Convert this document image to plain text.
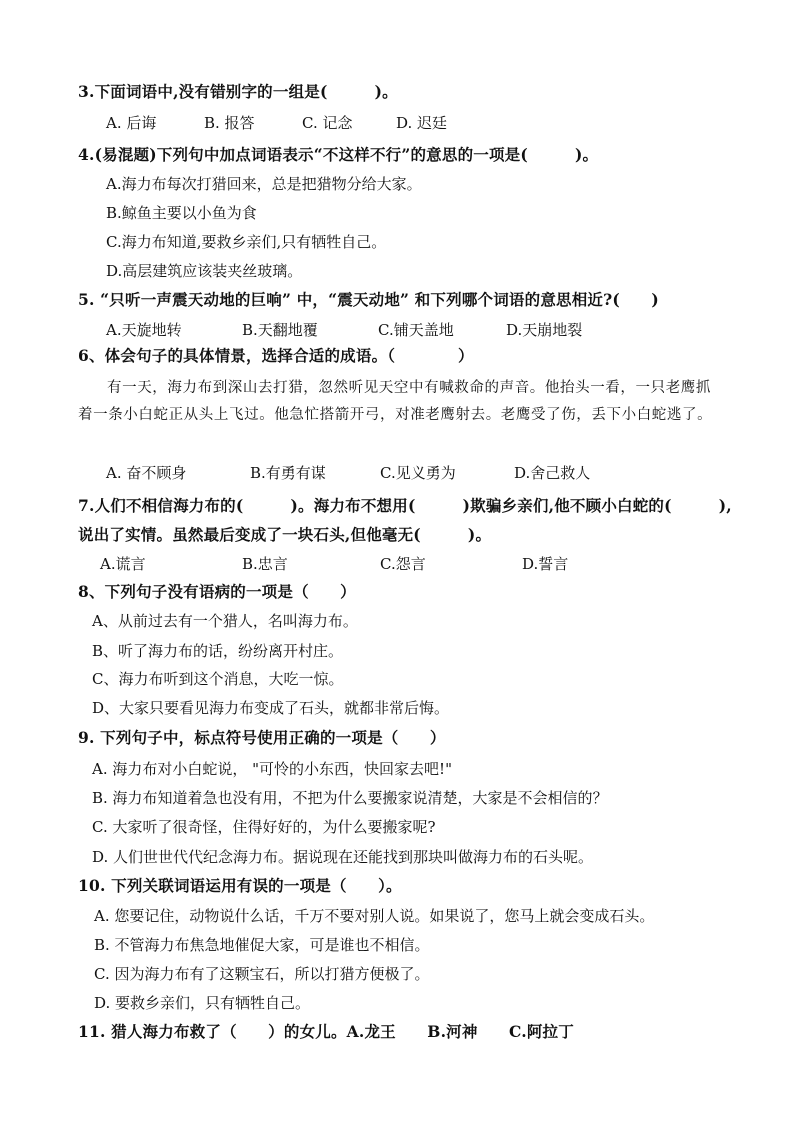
3.下面词语中,没有错别字的一组是(　　　)。
A. 后诲	B. 报答	C. 记念	D. 迟廷
4.(易混题)下列句中加点词语表示“不这样不行”的意思的一项是(　　　)。
A.海力布每次打猎回来，总是把猎物分给大家。
B.鲸鱼主要以小鱼为食
C.海力布知道,要救乡亲们,只有牺牲自己。
D.高层建筑应该装夹丝玻璃。
5. “只听一声震天动地的巨响” 中，“震天动地” 和下列哪个词语的意思相近?(　　)
A.天旋地转	B.天翻地覆	C.铺天盖地	D.天崩地裂
6、体会句子的具体情景，选择合适的成语。（　　　　）
有一天，海力布到深山去打猎，忽然听见天空中有喊救命的声音。他抬头一看，一只老鹰抓着一条小白蛇正从头上飞过。他急忙搭箭开弓，对准老鹰射去。老鹰受了伤，丢下小白蛇逃了。
A. 奋不顾身	B.有勇有谋	C.见义勇为	D.舍己救人
7.人们不相信海力布的(　　　)。海力布不想用(　　　)欺骗乡亲们,他不顾小白蛇的(　　　),
说出了实情。虽然最后变成了一块石头,但他毫无(　　　)。
A.谎言	B.忠言	C.怨言	D.誓言
8、下列句子没有语病的一项是（　　）
A、从前过去有一个猎人，名叫海力布。
B、听了海力布的话，纷纷离开村庄。
C、海力布听到这个消息，大吃一惊。
D、大家只要看见海力布变成了石头，就都非常后悔。
9. 下列句子中，标点符号使用正确的一项是（　　）
A. 海力布对小白蛇说， "可怜的小东西，快回家去吧!"
B. 海力布知道着急也没有用，不把为什么要搬家说清楚，大家是不会相信的？
C. 大家听了很奇怪，住得好好的，为什么要搬家呢?
D. 人们世世代代纪念海力布。据说现在还能找到那块叫做海力布的石头呢。
10. 下列关联词语运用有误的一项是（　　）。
A. 您要记住，动物说什么话，千万不要对别人说。如果说了，您马上就会变成石头。
B. 不管海力布焦急地催促大家，可是谁也不相信。
C. 因为海力布有了这颗宝石，所以打猎方便极了。
D. 要救乡亲们，只有牺牲自己。
11. 猎人海力布救了（　　）的女儿。A.龙王　　B.河神　　C.阿拉丁
